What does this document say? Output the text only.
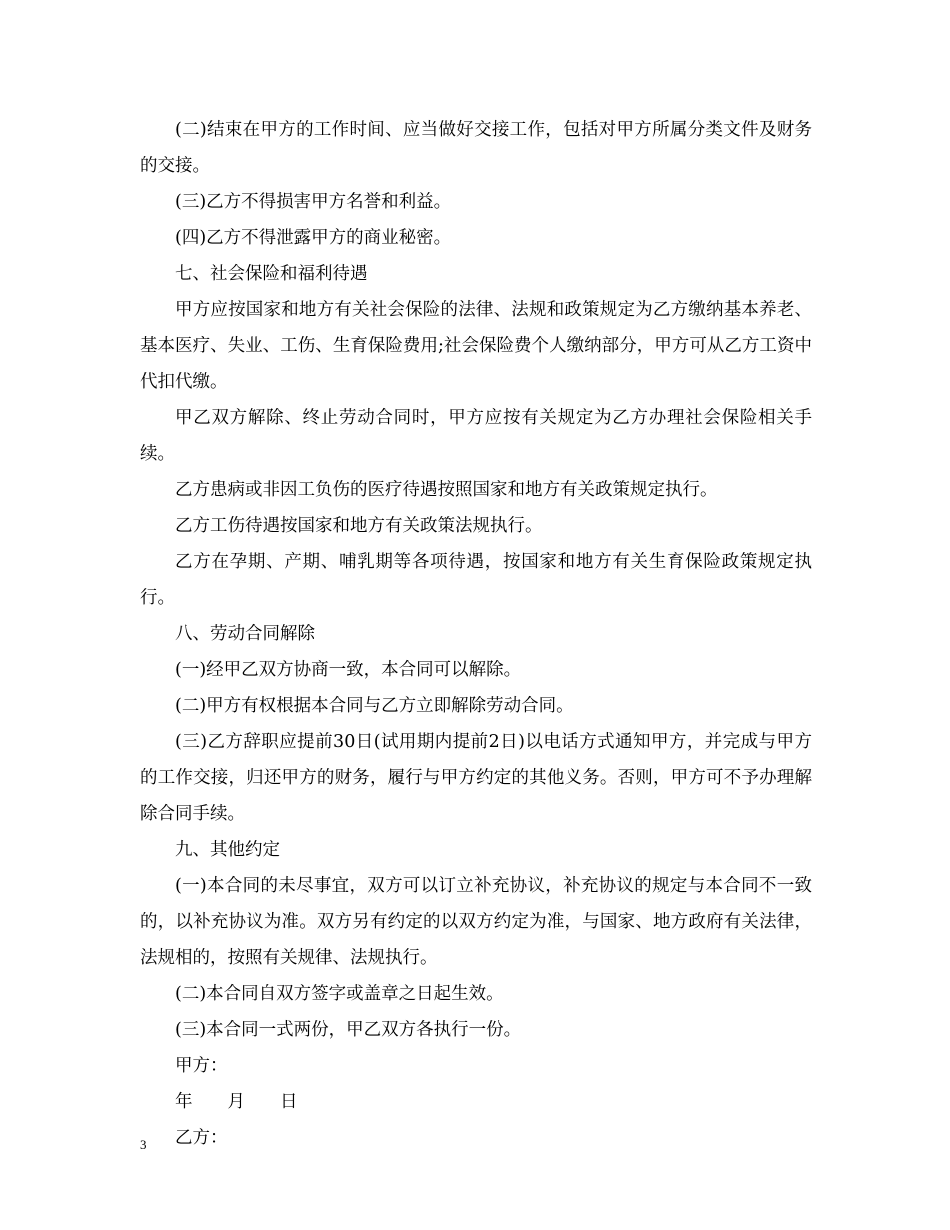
(二)结束在甲方的工作时间、应当做好交接工作，包括对甲方所属分类文件及财务的交接。

(三)乙方不得损害甲方名誉和利益。

(四)乙方不得泄露甲方的商业秘密。

七、社会保险和福利待遇

甲方应按国家和地方有关社会保险的法律、法规和政策规定为乙方缴纳基本养老、基本医疗、失业、工伤、生育保险费用;社会保险费个人缴纳部分，甲方可从乙方工资中代扣代缴。

甲乙双方解除、终止劳动合同时，甲方应按有关规定为乙方办理社会保险相关手续。

乙方患病或非因工负伤的医疗待遇按照国家和地方有关政策规定执行。

乙方工伤待遇按国家和地方有关政策法规执行。

乙方在孕期、产期、哺乳期等各项待遇，按国家和地方有关生育保险政策规定执行。

八、劳动合同解除

(一)经甲乙双方协商一致，本合同可以解除。

(二)甲方有权根据本合同与乙方立即解除劳动合同。

(三)乙方辞职应提前30日(试用期内提前2日)以电话方式通知甲方，并完成与甲方的工作交接，归还甲方的财务，履行与甲方约定的其他义务。否则，甲方可不予办理解除合同手续。

九、其他约定

(一)本合同的未尽事宜，双方可以订立补充协议，补充协议的规定与本合同不一致的，以补充协议为准。双方另有约定的以双方约定为准，与国家、地方政府有关法律，法规相的，按照有关规律、法规执行。

(二)本合同自双方签字或盖章之日起生效。

(三)本合同一式两份，甲乙双方各执行一份。

甲方：

年　　月　　日

乙方：

3
